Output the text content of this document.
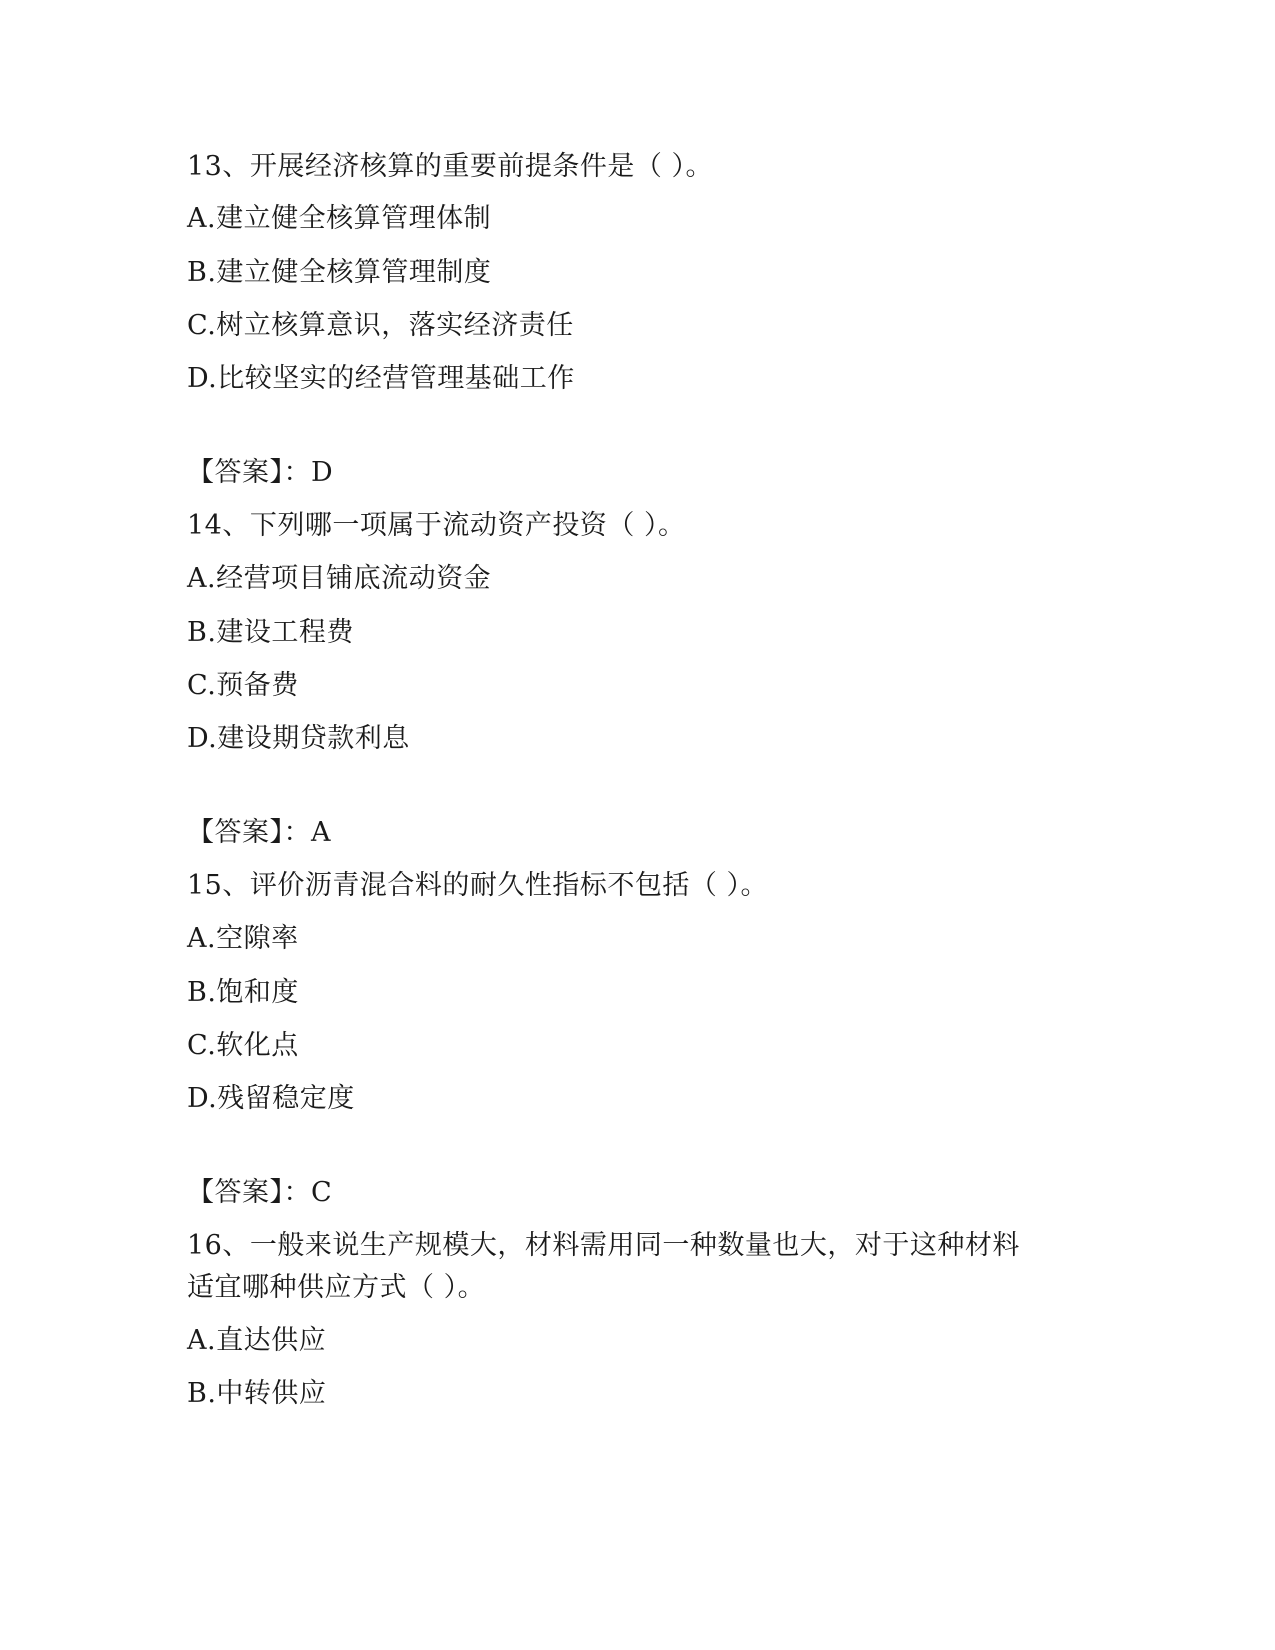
13、开展经济核算的重要前提条件是（ ）。
A.建立健全核算管理体制
B.建立健全核算管理制度
C.树立核算意识，落实经济责任
D.比较坚实的经营管理基础工作
【答案】：D
14、下列哪一项属于流动资产投资（ ）。
A.经营项目铺底流动资金
B.建设工程费
C.预备费
D.建设期贷款利息
【答案】：A
15、评价沥青混合料的耐久性指标不包括（ ）。
A.空隙率
B.饱和度
C.软化点
D.残留稳定度
【答案】：C
16、一般来说生产规模大，材料需用同一种数量也大，对于这种材料
适宜哪种供应方式（ ）。
A.直达供应
B.中转供应
